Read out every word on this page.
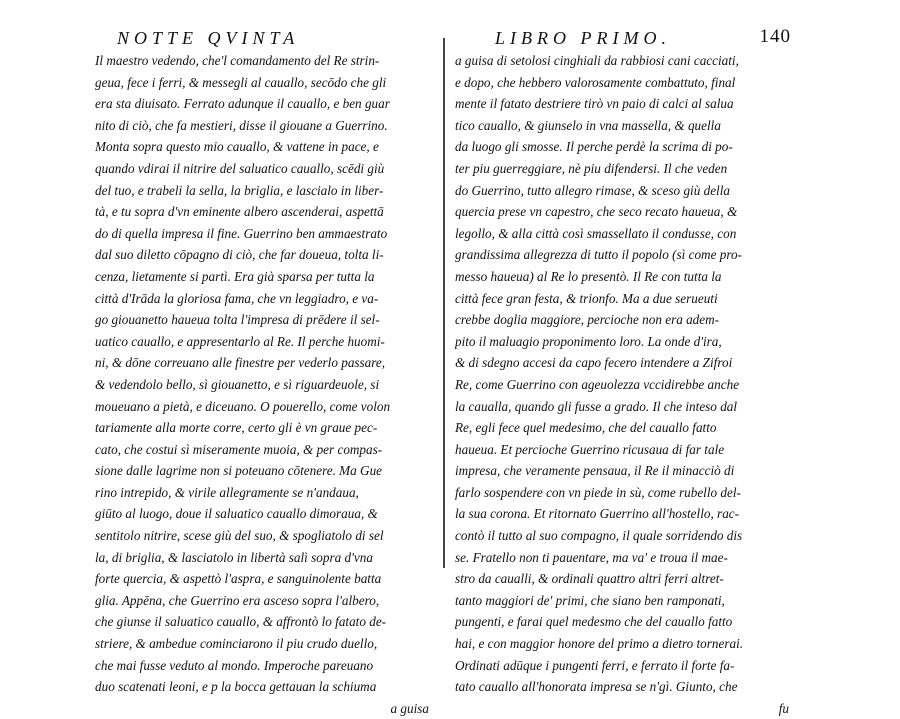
NOTTE QVINTA
Il maestro vedendo, che'l comandamento del Re strin-
geua, fece i ferri, & messegli al cauallo, secōdo che gli
era sta diuisato. Ferrato adunque il cauallo, e ben guar
nito di ciò, che fa mestieri, disse il giouane a Guerrino.
Monta sopra questo mio cauallo, & vattene in pace, e
quando vdirai il nitrire del saluatico cauallo, scēdi giù
del tuo, e trabeli la sella, la briglia, e lascialo in liber-
tà, e tu sopra d'vn eminente albero ascenderai, aspettā
do di quella impresa il fine. Guerrino ben ammaestrato
dal suo diletto cōpagno di ciò, che far doueua, tolta li-
cenza, lietamente si partì. Era già sparsa per tutta la
città d'Irāda la gloriosa fama, che vn leggiadro, e va-
go giouanetto haueua tolta l'impresa di prēdere il sel-
uatico cauallo, e appresentarlo al Re. Il perche huomi-
ni, & dōne correuano alle finestre per vederlo passare,
& vedendolo bello, sì giouanetto, e sì riguardeuole, si
moueuano a pietà, e diceuano. O pouerello, come volon
tariamente alla morte corre, certo gli è vn graue pec-
cato, che costui sì miseramente muoia, & per compas-
sione dalle lagrime non si poteuano cōtenere. Ma Gue
rino intrepido, & virile allegramente se n'andaua,
giūto al luogo, doue il saluatico cauallo dimoraua, &
sentitolo nitrire, scese giù del suo, & spogliatolo di sel
la, di briglia, & lasciatolo in libertà salì sopra d'vna
forte quercia, & aspettò l'aspra, e sanguinolente batta
glia. Appēna, che Guerrino era asceso sopra l'albero,
che giunse il saluatico cauallo, & affrontò lo fatato de-
striere, & ambedue cominciarono il piu crudo duello,
che mai fusse veduto al mondo. Imperoche pareuano
duo scatenati leoni, e p la bocca gettauan la schiuma
a guisa
LIBRO PRIMO.	140
a guisa di setolosi cinghiali da rabbiosi cani cacciati,
e dopo, che hebbero valorosamente combattuto, final
mente il fatato destriere tirò vn paio di calci al salua
tico cauallo, & giunselo in vna massella, & quella
da luogo gli smosse. Il perche perdè la scrima di po-
ter piu guerreggiare, nè piu difendersi. Il che veden
do Guerrino, tutto allegro rimase, & sceso giù della
quercia prese vn capestro, che seco recato haueua, &
legollo, & alla città così smassellato il condusse, con
grandissima allegrezza di tutto il popolo (sì come pro-
messo haueua) al Re lo presentò. Il Re con tutta la
città fece gran festa, & trionfo. Ma a due serueuti
crebbe doglia maggiore, percioche non era adem-
pito il maluagio proponimento loro. La onde d'ira,
& di sdegno accesi da capo fecero intendere a Zifroi
Re, come Guerrino con ageuolezza vccidirebbe anche
la caualla, quando gli fusse a grado. Il che inteso dal
Re, egli fece quel medesimo, che del cauallo fatto
haueua. Et percioche Guerrino ricusaua di far tale
impresa, che veramente pensaua, il Re il minacciò di
farlo sospendere con vn piede in sù, come rubello del-
la sua corona. Et ritornato Guerrino all'hostello, rac-
contò il tutto al suo compagno, il quale sorridendo dis
se. Fratello non ti pauentare, ma va' e troua il mae-
stro da caualli, & ordinali quattro altri ferri altret-
tanto maggiori de' primi, che siano ben ramponati,
pungenti, e farai quel medesmo che del cauallo fatto
hai, e con maggior honore del primo a dietro tornerai.
Ordinati adūque i pungenti ferri, e ferrato il forte fa-
tato cauallo all'honorata impresa se n'gì. Giunto, che
fu
